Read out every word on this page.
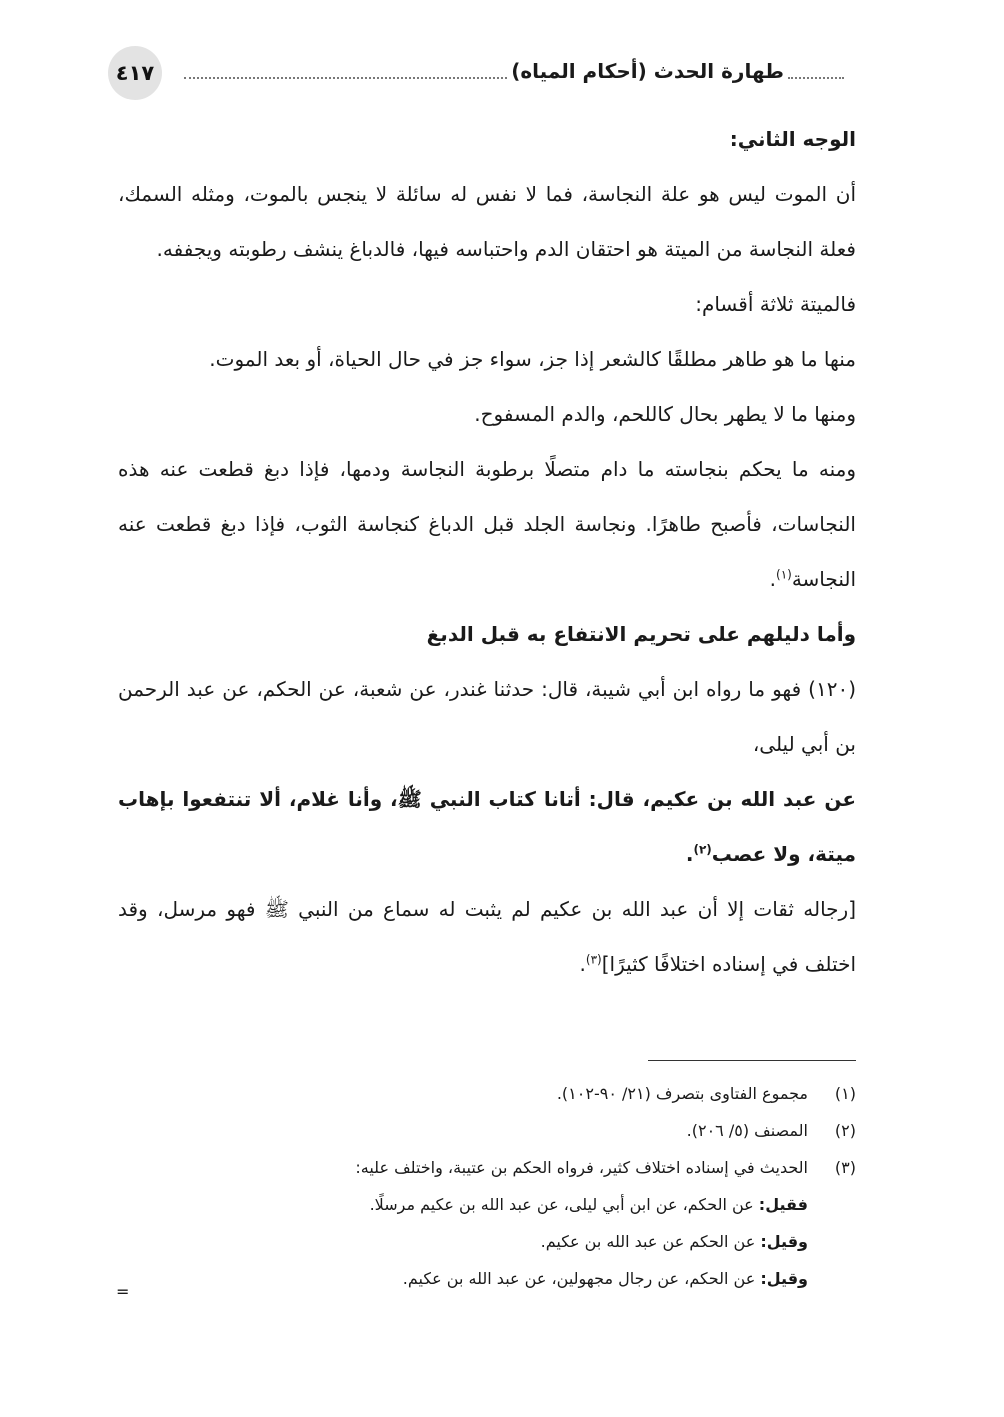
٤١٧	طهارة الحدث (أحكام المياه)

الوجه الثاني:

أن الموت ليس هو علة النجاسة، فما لا نفس له سائلة لا ينجس بالموت، ومثله السمك، فعلة النجاسة من الميتة هو احتقان الدم واحتباسه فيها، فالدباغ ينشف رطوبته ويجففه.

فالميتة ثلاثة أقسام:

منها ما هو طاهر مطلقًا كالشعر إذا جز، سواء جز في حال الحياة، أو بعد الموت.

ومنها ما لا يطهر بحال كاللحم، والدم المسفوح.

ومنه ما يحكم بنجاسته ما دام متصلًا برطوبة النجاسة ودمها، فإذا دبغ قطعت عنه هذه النجاسات، فأصبح طاهرًا. ونجاسة الجلد قبل الدباغ كنجاسة الثوب، فإذا دبغ قطعت عنه النجاسة$^{(١)}$.

وأما دليلهم على تحريم الانتفاع به قبل الدبغ

(١٢٠) فهو ما رواه ابن أبي شيبة، قال: حدثنا غندر، عن شعبة، عن الحكم، عن عبد الرحمن بن أبي ليلى،

عن عبد الله بن عكيم، قال: أتانا كتاب النبي ﷺ، وأنا غلام، ألا تنتفعوا بإهاب ميتة، ولا عصب$^{(٢)}$.

[رجاله ثقات إلا أن عبد الله بن عكيم لم يثبت له سماع من النبي ﷺ فهو مرسل، وقد اختلف في إسناده اختلافًا كثيرًا]$^{(٣)}$.

(١)
مجموع الفتاوى بتصرف (٢١/ ٩٠-١٠٢).

(٢)
المصنف (٥/ ٢٠٦).

(٣)
الحديث في إسناده اختلاف كثير، فرواه الحكم بن عتيبة، واختلف عليه:

فقيل: عن الحكم، عن ابن أبي ليلى، عن عبد الله بن عكيم مرسلًا.

وقيل: عن الحكم عن عبد الله بن عكيم.

وقيل: عن الحكم، عن رجال مجهولين، عن عبد الله بن عكيم.

=
